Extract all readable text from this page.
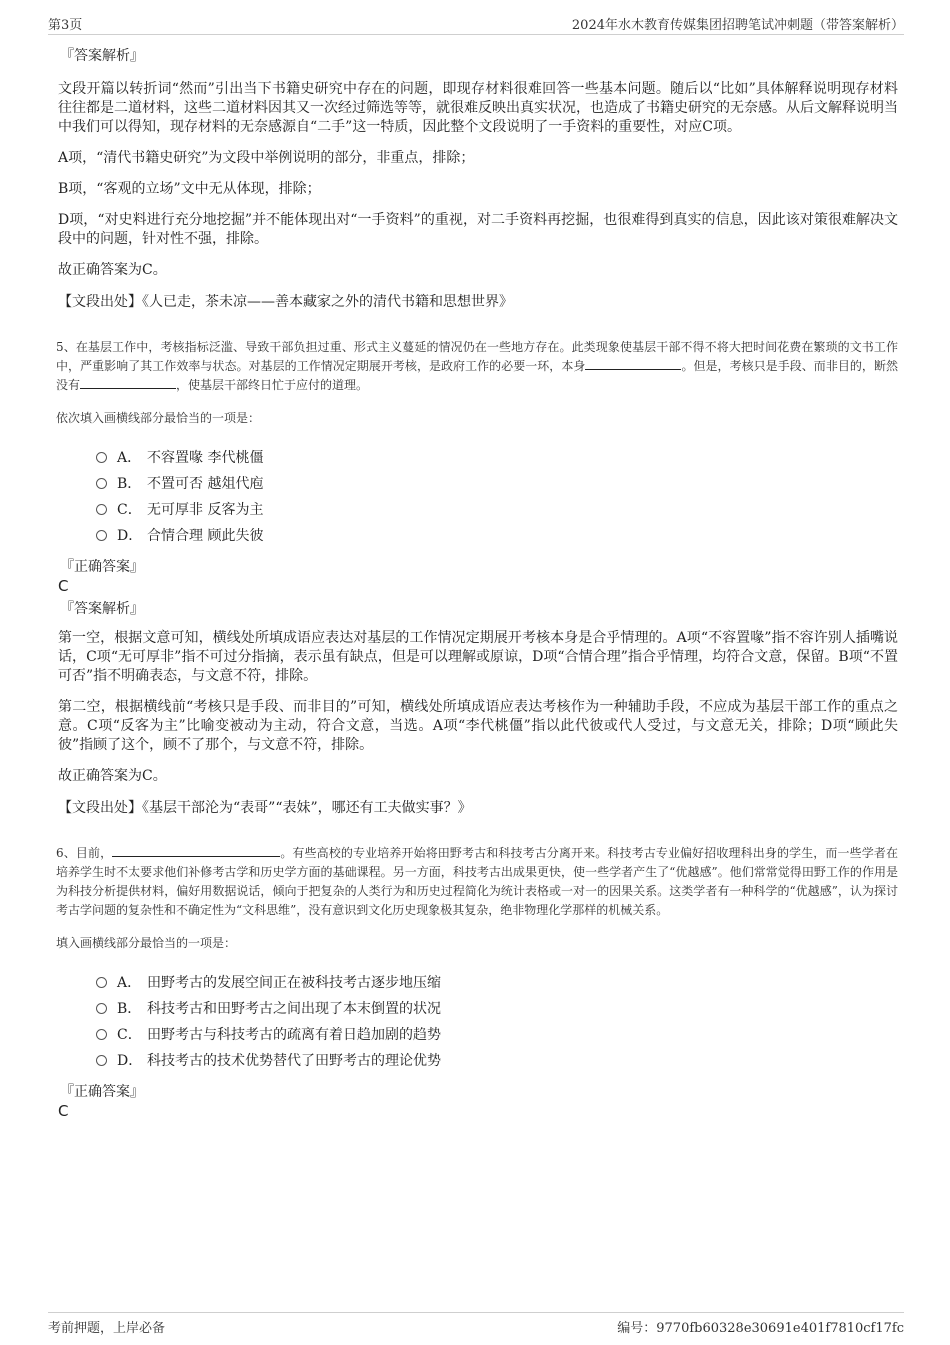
第3页	2024年水木教育传媒集团招聘笔试冲刺题（带答案解析）
『答案解析』

文段开篇以转折词“然而”引出当下书籍史研究中存在的问题，即现存材料很难回答一些基本问题。随后以“比如”具体解释说明现存材料往往都是二道材料，这些二道材料因其又一次经过筛选等等，就很难反映出真实状况，也造成了书籍史研究的无奈感。从后文解释说明当中我们可以得知，现存材料的无奈感源自“二手”这一特质，因此整个文段说明了一手资料的重要性，对应C项。

A项，“清代书籍史研究”为文段中举例说明的部分，非重点，排除；

B项，“客观的立场”文中无从体现，排除；

D项，“对史料进行充分地挖掘”并不能体现出对“一手资料”的重视，对二手资料再挖掘，也很难得到真实的信息，因此该对策很难解决文段中的问题，针对性不强，排除。

故正确答案为C。

【文段出处】《人已走，茶未凉——善本藏家之外的清代书籍和思想世界》

5、在基层工作中，考核指标泛滥、导致干部负担过重、形式主义蔓延的情况仍在一些地方存在。此类现象使基层干部不得不将大把时间花费在繁琐的文书工作中，严重影响了其工作效率与状态。对基层的工作情况定期展开考核，是政府工作的必要一环，本身	。但是，考核只是手段、而非目的，断然没有	，使基层干部终日忙于应付的道理。

依次填入画横线部分最恰当的一项是：

A． 不容置喙 李代桃僵
B． 不置可否 越俎代庖
C． 无可厚非 反客为主
D． 合情合理 顾此失彼
『正确答案』
C
『答案解析』

第一空，根据文意可知，横线处所填成语应表达对基层的工作情况定期展开考核本身是合乎情理的。A项“不容置喙”指不容许别人插嘴说话，C项“无可厚非”指不可过分指摘，表示虽有缺点，但是可以理解或原谅，D项“合情合理”指合乎情理，均符合文意，保留。B项“不置可否”指不明确表态，与文意不符，排除。

第二空，根据横线前“考核只是手段、而非目的”可知，横线处所填成语应表达考核作为一种辅助手段，不应成为基层干部工作的重点之意。C项“反客为主”比喻变被动为主动，符合文意，当选。A项“李代桃僵”指以此代彼或代人受过，与文意无关，排除；D项“顾此失彼”指顾了这个，顾不了那个，与文意不符，排除。

故正确答案为C。

【文段出处】《基层干部沦为“表哥”“表妹”，哪还有工夫做实事？》

6、目前，	。有些高校的专业培养开始将田野考古和科技考古分离开来。科技考古专业偏好招收理科出身的学生，而一些学者在培养学生时不太要求他们补修考古学和历史学方面的基础课程。另一方面，科技考古出成果更快，使一些学者产生了“优越感”。他们常常觉得田野工作的作用是为科技分析提供材料，偏好用数据说话，倾向于把复杂的人类行为和历史过程简化为统计表格或一对一的因果关系。这类学者有一种科学的“优越感”，认为探讨考古学问题的复杂性和不确定性为“文科思维”，没有意识到文化历史现象极其复杂，绝非物理化学那样的机械关系。

填入画横线部分最恰当的一项是：

A． 田野考古的发展空间正在被科技考古逐步地压缩
B． 科技考古和田野考古之间出现了本末倒置的状况
C． 田野考古与科技考古的疏离有着日趋加剧的趋势
D． 科技考古的技术优势替代了田野考古的理论优势
『正确答案』
C
考前押题，上岸必备	编号：9770fb60328e30691e401f7810cf17fc
